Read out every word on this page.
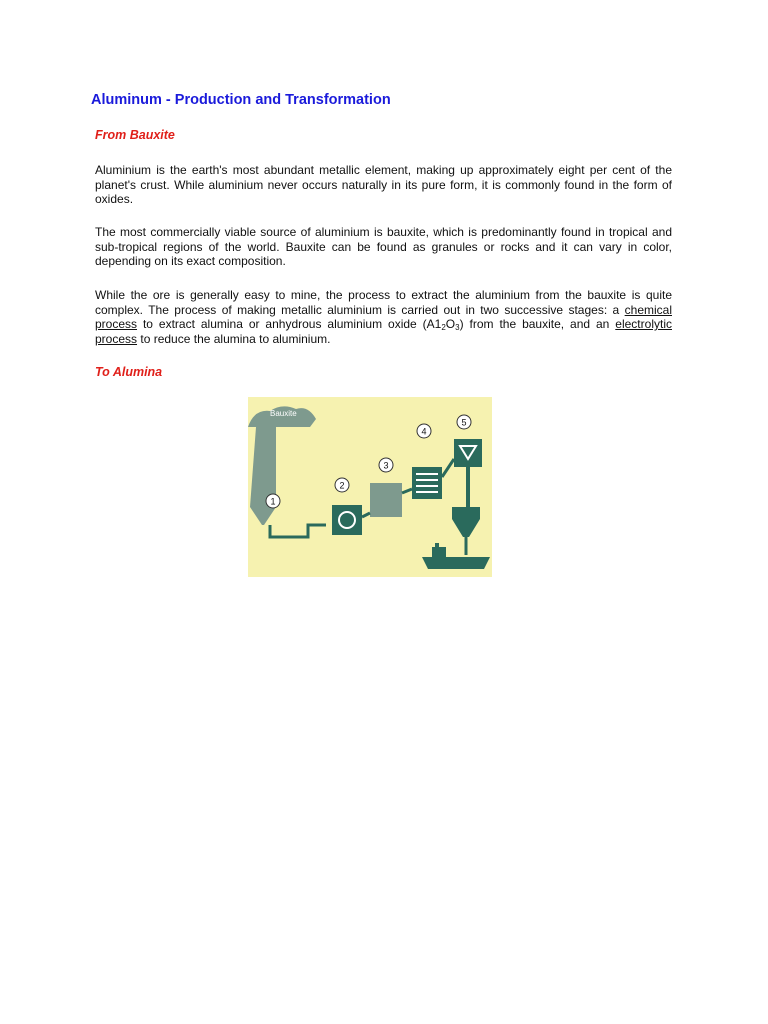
Aluminum - Production and Transformation

From Bauxite

Aluminium is the earth's most abundant metallic element, making up approximately eight per cent of the planet's crust. While aluminium never occurs naturally in its pure form, it is commonly found in the form of oxides.

The most commercially viable source of aluminium is bauxite, which is predominantly found in tropical and sub-tropical regions of the world. Bauxite can be found as granules or rocks and it can vary in color, depending on its exact composition.

While the ore is generally easy to mine, the process to extract the aluminium from the bauxite is quite complex. The process of making metallic aluminium is carried out in two successive stages: a chemical process to extract alumina or anhydrous aluminium oxide $(A1_2O_3)$ from the bauxite, and an electrolytic process to reduce the alumina to aluminium.

To Alumina

Bauxite
1
2
3
4
5
